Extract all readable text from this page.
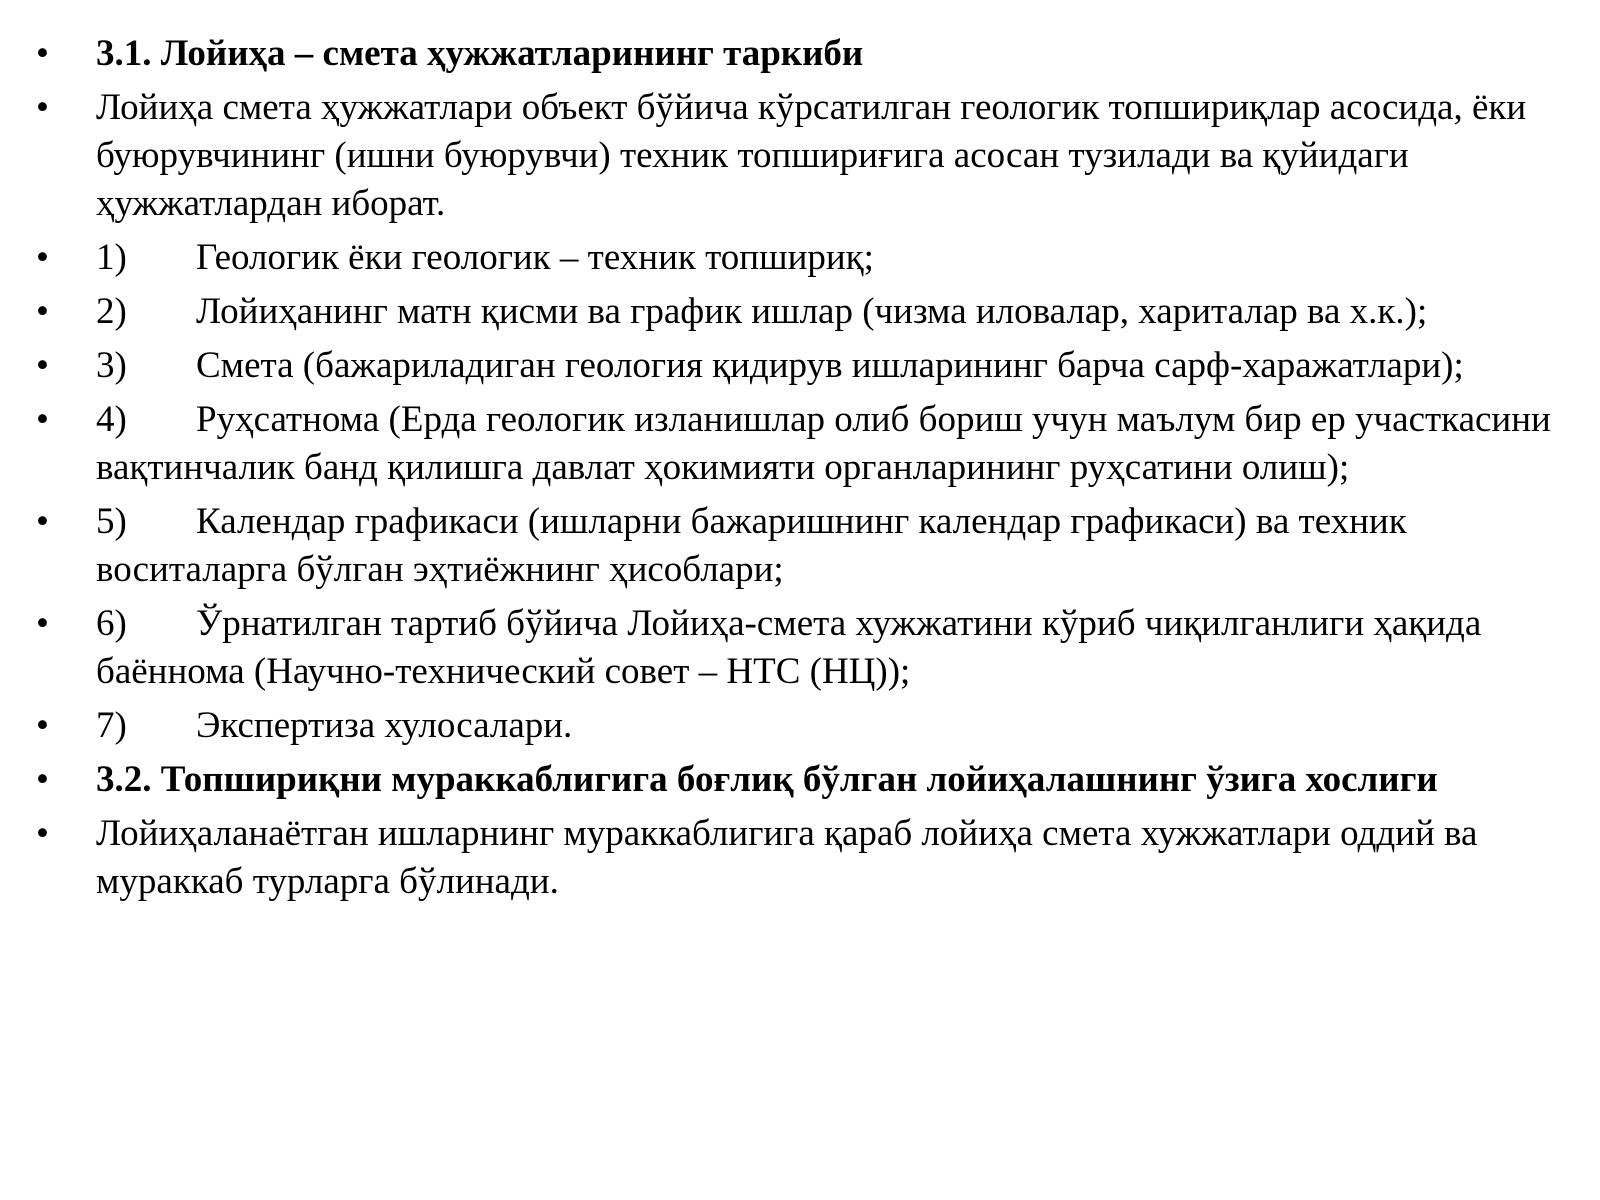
•	3.1. Лойиҳа – смета ҳужжатларининг таркиби
•	Лойиҳа смета ҳужжатлари объект бўйича кўрсатилган геологик топшириқлар асосида, ёки буюрувчининг (ишни буюрувчи) техник топшириғига асосан тузилади ва қуйидаги ҳужжатлардан иборат.
•	1) Геологик ёки геологик – техник топшириқ;
•	2) Лойиҳанинг матн қисми ва график ишлар (чизма иловалар, хариталар ва х.к.);
•	3) Смета (бажариладиган геология қидирув ишларининг барча сарф-харажатлари);
•	4) Руҳсатнома (Ерда геологик изланишлар олиб бориш учун маълум бир ер участкасини вақтинчалик банд қилишга давлат ҳокимияти органларининг руҳсатини олиш);
•	5) Календар графикаси (ишларни бажаришнинг календар графикаси) ва техник воситаларга бўлган эҳтиёжнинг ҳисоблари;
•	6) Ўрнатилган тартиб бўйича Лойиҳа-смета хужжатини кўриб чиқилганлиги ҳақида баённома (Научно-технический совет – НТС (НЦ));
•	7) Экспертиза хулосалари.
•	3.2. Топшириқни мураккаблигига боғлиқ бўлган лойиҳалашнинг ўзига хослиги
•	Лойиҳаланаётган ишларнинг мураккаблигига қараб лойиҳа смета хужжатлари оддий ва мураккаб турларга бўлинади.
